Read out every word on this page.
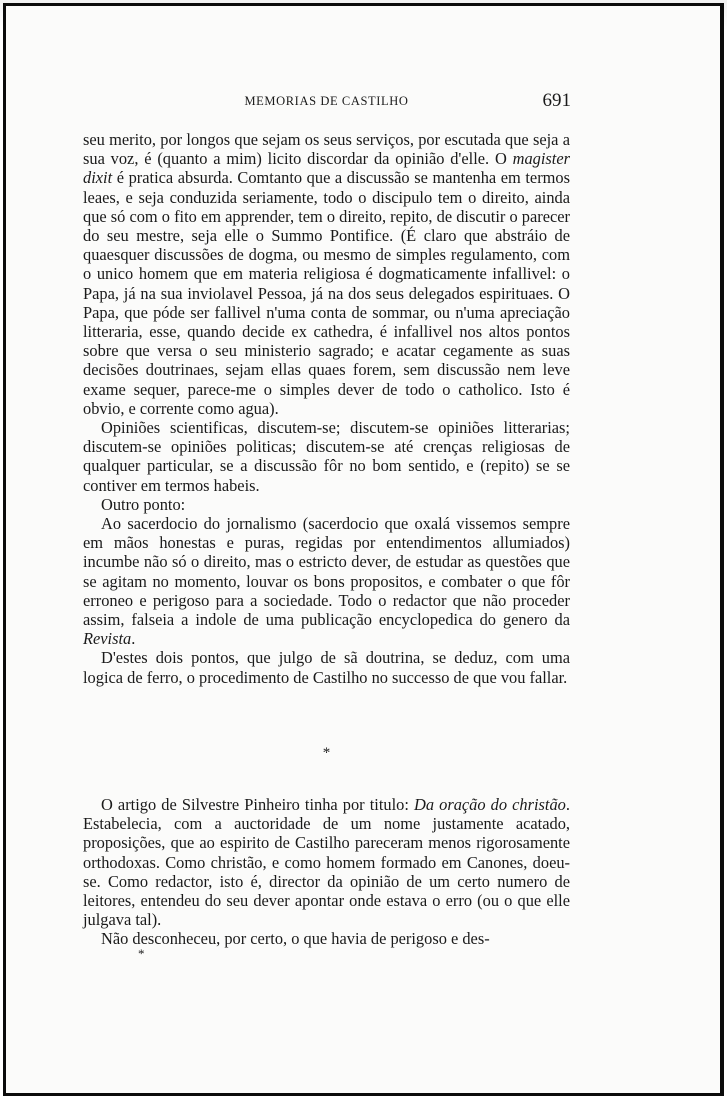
MEMORIAS DE CASTILHO	691

seu merito, por longos que sejam os seus serviços, por escutada que seja a sua voz, é (quanto a mim) licito discordar da opinião d'elle. O magister dixit é pratica absurda. Comtanto que a discussão se mantenha em termos leaes, e seja conduzida seriamente, todo o discipulo tem o direito, ainda que só com o fito em apprender, tem o direito, repito, de discutir o parecer do seu mestre, seja elle o Summo Pontifice. (É claro que abstráio de quaesquer discussões de dogma, ou mesmo de simples regulamento, com o unico homem que em materia religiosa é dogmaticamente infallivel: o Papa, já na sua inviolavel Pessoa, já na dos seus delegados espirituaes. O Papa, que póde ser fallivel n'uma conta de sommar, ou n'uma apreciação litteraria, esse, quando decide ex cathedra, é infallivel nos altos pontos sobre que versa o seu ministerio sagrado; e acatar cegamente as suas decisões doutrinaes, sejam ellas quaes forem, sem discussão nem leve exame sequer, parece-me o simples dever de todo o catholico. Isto é obvio, e corrente como agua).

Opiniões scientificas, discutem-se; discutem-se opiniões litterarias; discutem-se opiniões politicas; discutem-se até crenças religiosas de qualquer particular, se a discussão fôr no bom sentido, e (repito) se se contiver em termos habeis.

Outro ponto:

Ao sacerdocio do jornalismo (sacerdocio que oxalá vissemos sempre em mãos honestas e puras, regidas por entendimentos allumiados) incumbe não só o direito, mas o estricto dever, de estudar as questões que se agitam no momento, louvar os bons propositos, e combater o que fôr erroneo e perigoso para a sociedade. Todo o redactor que não proceder assim, falseia a indole de uma publicação encyclopedica do genero da Revista.

D'estes dois pontos, que julgo de sã doutrina, se deduz, com uma logica de ferro, o procedimento de Castilho no successo de que vou fallar.

*

O artigo de Silvestre Pinheiro tinha por titulo: Da oração do christão. Estabelecia, com a auctoridade de um nome justamente acatado, proposições, que ao espirito de Castilho pareceram menos rigorosamente orthodoxas. Como christão, e como homem formado em Canones, doeu-se. Como redactor, isto é, director da opinião de um certo numero de leitores, entendeu do seu dever apontar onde estava o erro (ou o que elle julgava tal).

Não desconheceu, por certo, o que havia de perigoso e des-

*
